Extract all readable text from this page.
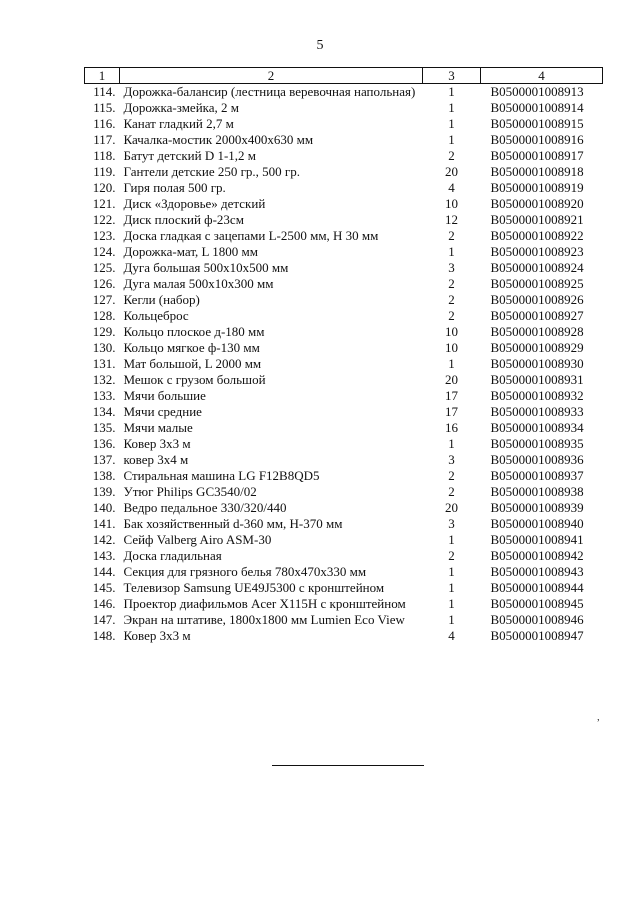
5
1	2	3	4
114.	Дорожка-балансир (лестница веревочная напольная)	1	B0500001008913
115.	Дорожка-змейка, 2 м	1	B0500001008914
116.	Канат гладкий 2,7 м	1	B0500001008915
117.	Качалка-мостик 2000х400х630 мм	1	B0500001008916
118.	Батут детский D 1-1,2 м	2	B0500001008917
119.	Гантели детские 250 гр., 500 гр.	20	B0500001008918
120.	Гиря полая 500 гр.	4	B0500001008919
121.	Диск «Здоровье» детский	10	B0500001008920
122.	Диск плоский ф-23см	12	B0500001008921
123.	Доска гладкая с зацепами L-2500 мм, Н 30 мм	2	B0500001008922
124.	Дорожка-мат, L 1800 мм	1	B0500001008923
125.	Дуга большая 500х10х500 мм	3	B0500001008924
126.	Дуга малая 500х10х300 мм	2	B0500001008925
127.	Кегли (набор)	2	B0500001008926
128.	Кольцеброс	2	B0500001008927
129.	Кольцо плоское д-180 мм	10	B0500001008928
130.	Кольцо мягкое ф-130 мм	10	B0500001008929
131.	Мат большой, L 2000 мм	1	B0500001008930
132.	Мешок с грузом большой	20	B0500001008931
133.	Мячи большие	17	B0500001008932
134.	Мячи средние	17	B0500001008933
135.	Мячи малые	16	B0500001008934
136.	Ковер 3х3 м	1	B0500001008935
137.	ковер 3х4 м	3	B0500001008936
138.	Стиральная машина LG F12B8QD5	2	B0500001008937
139.	Утюг Philips GC3540/02	2	B0500001008938
140.	Ведро педальное 330/320/440	20	B0500001008939
141.	Бак хозяйственный d-360 мм, Н-370 мм	3	B0500001008940
142.	Сейф Valberg Airo ASM-30	1	B0500001008941
143.	Доска гладильная	2	B0500001008942
144.	Секция для грязного белья 780х470х330 мм	1	B0500001008943
145.	Телевизор Samsung UE49J5300 с кронштейном	1	B0500001008944
146.	Проектор диафильмов Acer X115H с кронштейном	1	B0500001008945
147.	Экран на штативе, 1800х1800 мм Lumien Eco View	1	B0500001008946
148.	Ковер 3х3 м	4	B0500001008947
,
